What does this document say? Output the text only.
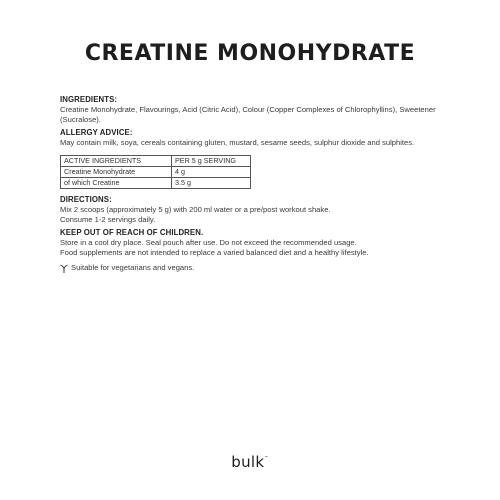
CREATINE MONOHYDRATE
INGREDIENTS:
Creatine Monohydrate, Flavourings, Acid (Citric Acid), Colour (Copper Complexes of Chlorophyllins), Sweetener (Sucralose).
ALLERGY ADVICE:
May contain milk, soya, cereals containing gluten, mustard, sesame seeds, sulphur dioxide and sulphites.
ACTIVE INGREDIENTS	PER 5 g SERVING
Creatine Monohydrate	4 g
of which Creatine	3.5 g
DIRECTIONS:
Mix 2 scoops (approximately 5 g) with 200 ml water or a pre/post workout shake.
Consume 1-2 servings daily.
KEEP OUT OF REACH OF CHILDREN.
Store in a cool dry place. Seal pouch after use. Do not exceed the recommended usage.
Food supplements are not intended to replace a varied balanced diet and a healthy lifestyle.
Suitable for vegetarians and vegans.
bulk™
